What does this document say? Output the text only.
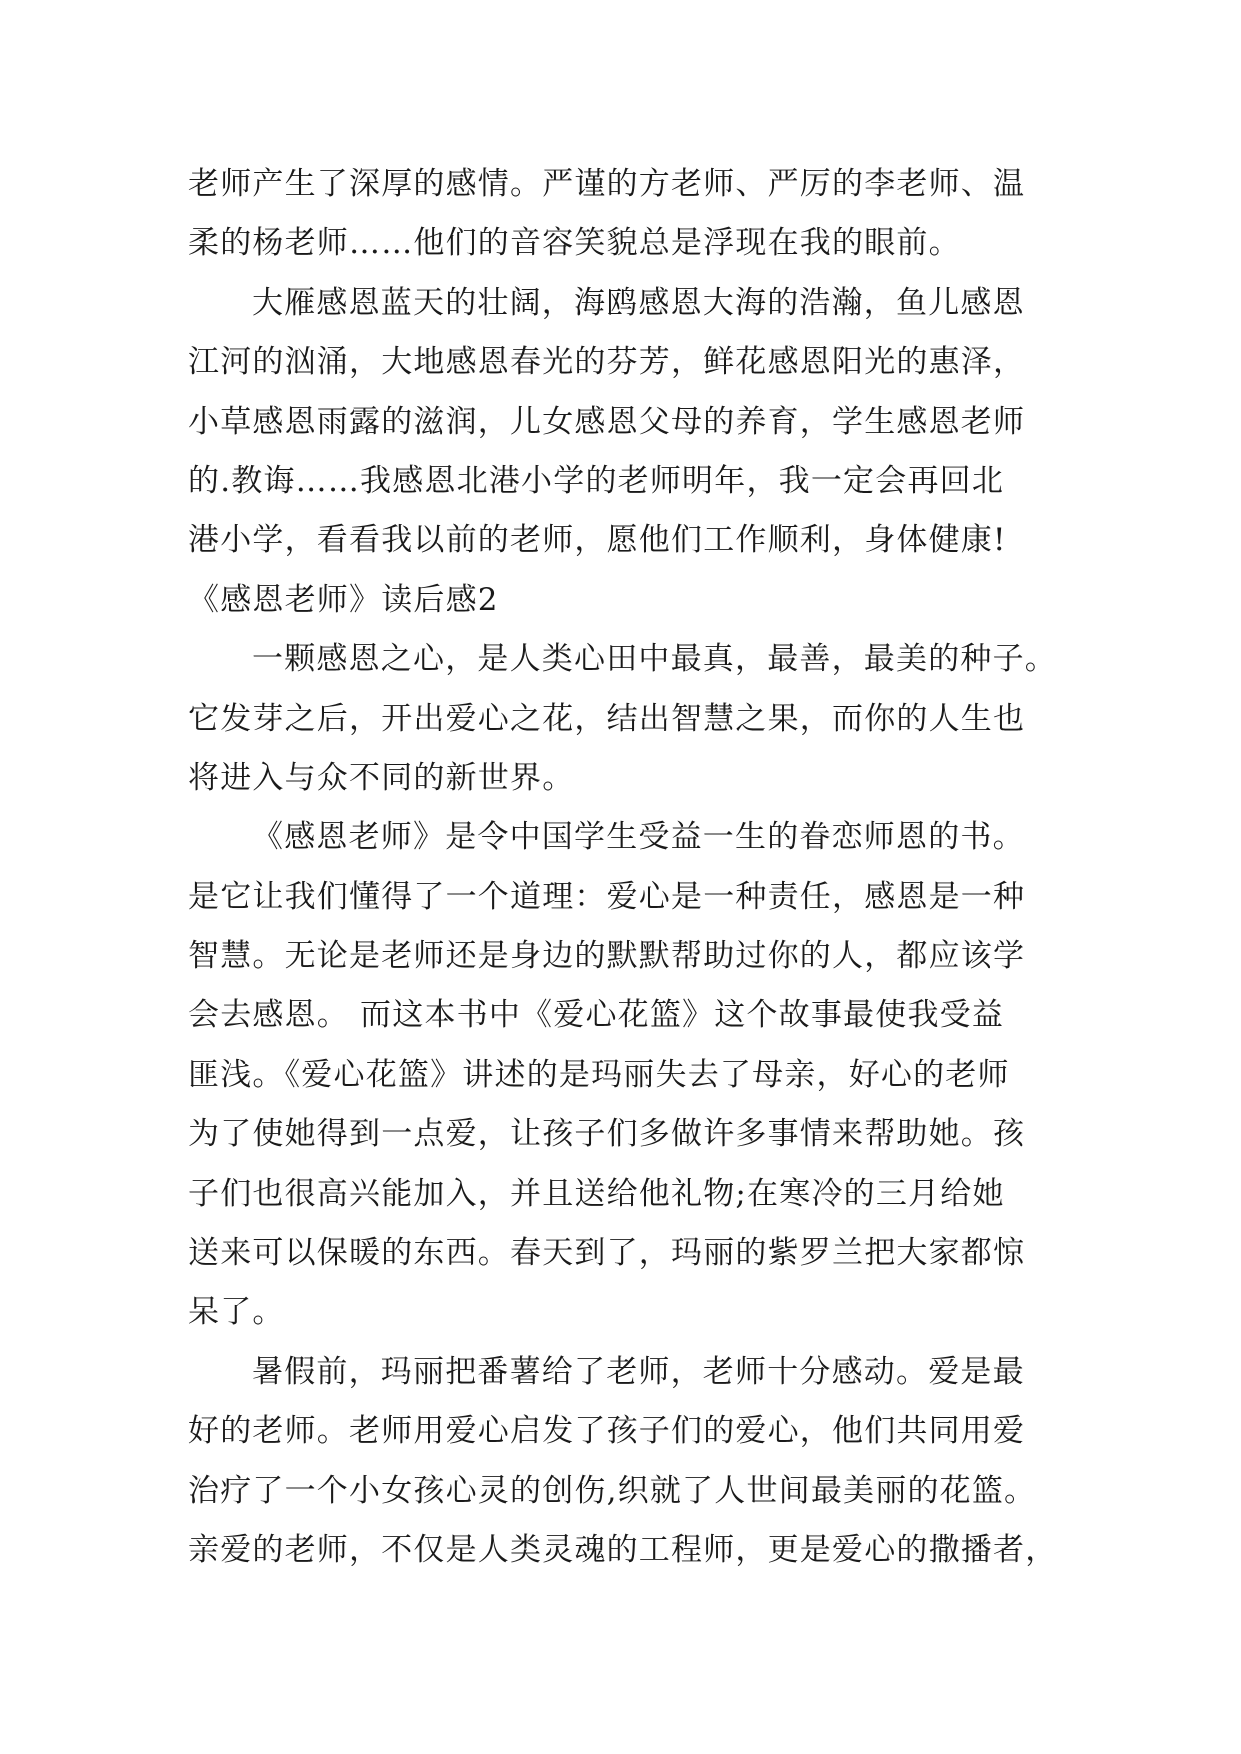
老师产生了深厚的感情。严谨的方老师、严厉的李老师、温
柔的杨老师……他们的音容笑貌总是浮现在我的眼前。
大雁感恩蓝天的壮阔，海鸥感恩大海的浩瀚，鱼儿感恩
江河的汹涌，大地感恩春光的芬芳，鲜花感恩阳光的惠泽，
小草感恩雨露的滋润，儿女感恩父母的养育，学生感恩老师
的.教诲……我感恩北港小学的老师明年，我一定会再回北
港小学，看看我以前的老师，愿他们工作顺利，身体健康!
《感恩老师》读后感2
一颗感恩之心，是人类心田中最真，最善，最美的种子。
它发芽之后，开出爱心之花，结出智慧之果，而你的人生也
将进入与众不同的新世界。
《感恩老师》是令中国学生受益一生的眷恋师恩的书。
是它让我们懂得了一个道理：爱心是一种责任，感恩是一种
智慧。无论是老师还是身边的默默帮助过你的人，都应该学
会去感恩。 而这本书中《爱心花篮》这个故事最使我受益
匪浅。《爱心花篮》讲述的是玛丽失去了母亲，好心的老师
为了使她得到一点爱，让孩子们多做许多事情来帮助她。孩
子们也很高兴能加入，并且送给他礼物;在寒冷的三月给她
送来可以保暖的东西。春天到了，玛丽的紫罗兰把大家都惊
呆了。
暑假前，玛丽把番薯给了老师，老师十分感动。爱是最
好的老师。老师用爱心启发了孩子们的爱心，他们共同用爱
治疗了一个小女孩心灵的创伤,织就了人世间最美丽的花篮。
亲爱的老师，不仅是人类灵魂的工程师，更是爱心的撒播者，
